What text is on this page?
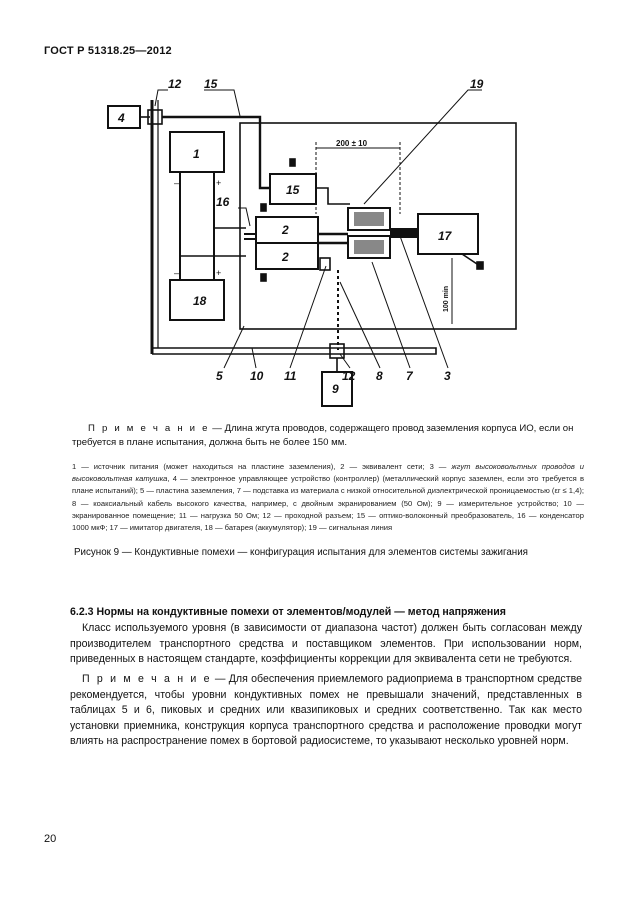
ГОСТ Р 51318.25—2012
4
12 15	19
1
18
16
2
2
15
17
9
5 10 11	12 8 7	3
–	+
–	+
200 ± 10
100 min
П р и м е ч а н и е — Длина жгута проводов, содержащего провод заземления корпуса ИО, если он
требуется в плане испытания, должна быть не более 150 мм.
1 — источник питания (может находиться на пластине заземления), 2 — эквивалент сети; 3 — жгут высоковольтных проводов и высоковольтная катушка, 4 — электронное управляющее устройство (контроллер) (металлический корпус заземлен, если это требуется в плане испытаний); 5 — пластина заземления, 7 — подставка из материала с низкой относительной диэлектрической проницаемостью (εr ≤ 1,4); 8 — коаксиальный кабель высокого качества, например, с двойным экранированием (50 Ом); 9 — измерительное устройство; 10 — экранированное помещение; 11 — нагрузка 50 Ом; 12 — проходной разъем; 15 — оптико-волоконный преобразователь, 16 — конденсатор 1000 мкФ; 17 — имитатор двигателя, 18 — батарея (аккумулятор); 19 — сигнальная линия
Рисунок 9 — Кондуктивные помехи — конфигурация испытания для элементов системы зажигания
6.2.3 Нормы на кондуктивные помехи от элементов/модулей — метод напряжения
Класс используемого уровня (в зависимости от диапазона частот) должен быть согласован между производителем транспортного средства и поставщиком элементов. При использовании норм, приведенных в настоящем стандарте, коэффициенты коррекции для эквивалента сети не требуются.
П р и м е ч а н и е — Для обеспечения приемлемого радиоприема в транспортном средстве рекомендуется, чтобы уровни кондуктивных помех не превышали значений, представленных в таблицах 5 и 6, пиковых и средних или квазипиковых и средних соответственно. Так как место установки приемника, конструкция корпуса транспортного средства и расположение проводки могут влиять на распространение помех в бортовой радиосистеме, то указывают несколько уровней норм.
20
